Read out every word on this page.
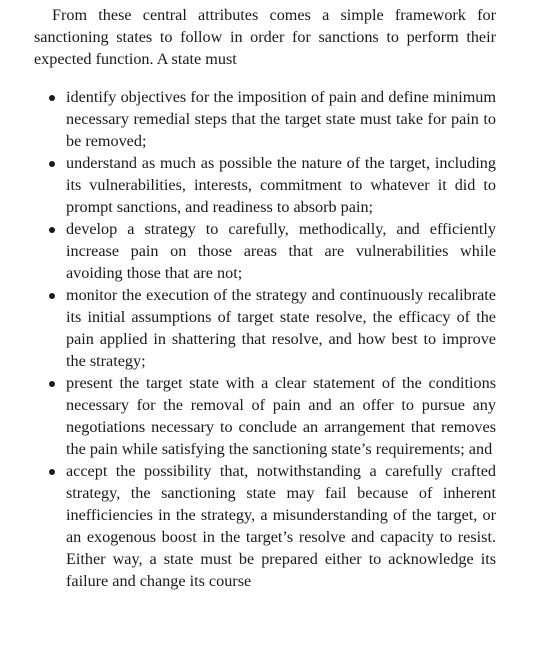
From these central attributes comes a simple framework for sanctioning states to follow in order for sanctions to perform their expected function. A state must

identify objectives for the imposition of pain and define minimum necessary remedial steps that the target state must take for pain to be removed;
understand as much as possible the nature of the target, including its vulnerabilities, interests, commitment to whatever it did to prompt sanctions, and readiness to absorb pain;
develop a strategy to carefully, methodically, and efficiently increase pain on those areas that are vulnerabilities while avoiding those that are not;
monitor the execution of the strategy and continuously recalibrate its initial assumptions of target state resolve, the efficacy of the pain applied in shattering that resolve, and how best to improve the strategy;
present the target state with a clear statement of the conditions necessary for the removal of pain and an offer to pursue any negotiations necessary to conclude an arrangement that removes the pain while satisfying the sanctioning state’s requirements; and
accept the possibility that, notwithstanding a carefully crafted strategy, the sanctioning state may fail because of inherent inefficiencies in the strategy, a misunderstanding of the target, or an exogenous boost in the target’s resolve and capacity to resist. Either way, a state must be prepared either to acknowledge its failure and change its course
